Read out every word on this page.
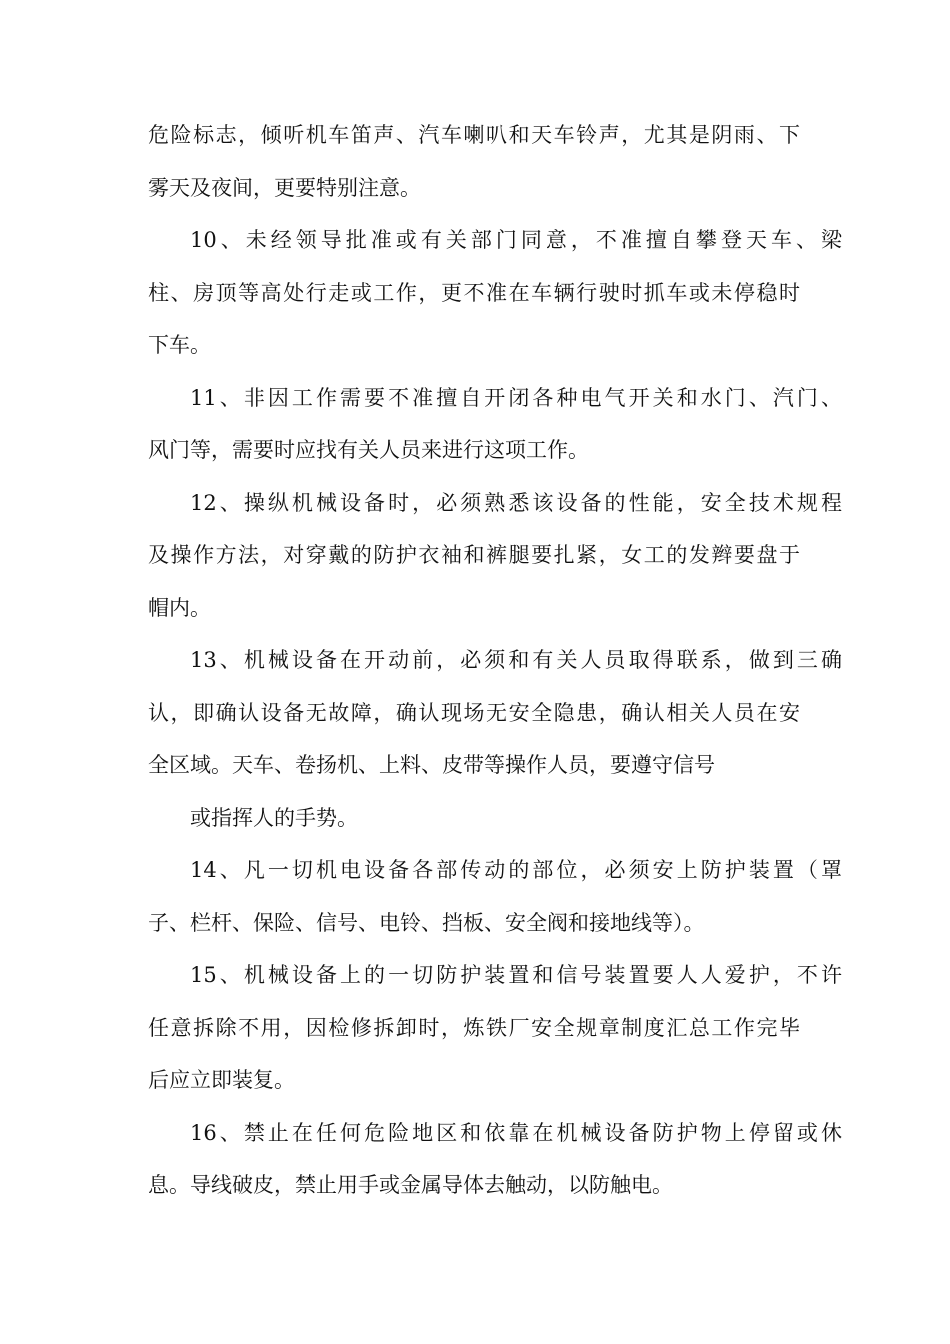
危险标志，倾听机车笛声、汽车喇叭和天车铃声，尤其是阴雨、下
雾天及夜间，更要特别注意。
10、未经领导批准或有关部门同意，不准擅自攀登天车、梁
柱、房顶等高处行走或工作，更不准在车辆行驶时抓车或未停稳时
下车。
11、非因工作需要不准擅自开闭各种电气开关和水门、汽门、
风门等，需要时应找有关人员来进行这项工作。
12、操纵机械设备时，必须熟悉该设备的性能，安全技术规程
及操作方法，对穿戴的防护衣袖和裤腿要扎紧，女工的发辫要盘于
帽内。
13、机械设备在开动前，必须和有关人员取得联系，做到三确
认，即确认设备无故障，确认现场无安全隐患，确认相关人员在安
全区域。天车、卷扬机、上料、皮带等操作人员，要遵守信号
或指挥人的手势。
14、凡一切机电设备各部传动的部位，必须安上防护装置（罩
子、栏杆、保险、信号、电铃、挡板、安全阀和接地线等）。
15、机械设备上的一切防护装置和信号装置要人人爱护，不许
任意拆除不用，因检修拆卸时，炼铁厂安全规章制度汇总工作完毕
后应立即装复。
16、禁止在任何危险地区和依靠在机械设备防护物上停留或休
息。导线破皮，禁止用手或金属导体去触动，以防触电。
